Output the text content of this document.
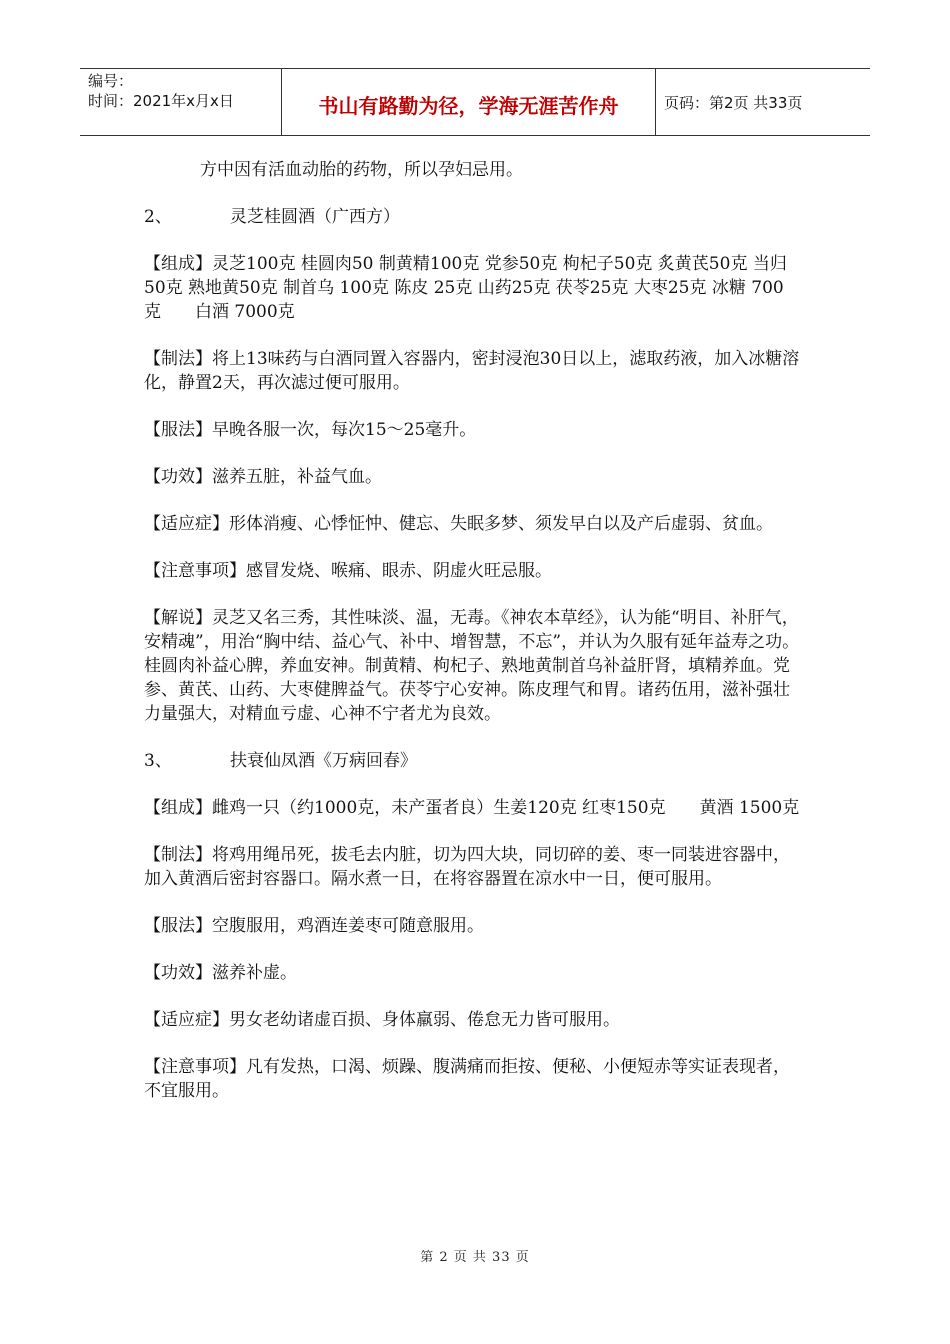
编号：
时间：2021年x月x日	书山有路勤为径，学海无涯苦作舟	页码：第2页 共33页

方中因有活血动胎的药物，所以孕妇忌用。

2、	灵芝桂圆酒（广西方）

【组成】灵芝100克 桂圆肉50 制黄精100克 党参50克 枸杞子50克 炙黄芪50克 当归50克 熟地黄50克 制首乌 100克 陈皮 25克 山药25克 茯苓25克 大枣25克 冰糖 700克　　白酒 7000克

【制法】将上13味药与白酒同置入容器内，密封浸泡30日以上，滤取药液，加入冰糖溶化，静置2天，再次滤过便可服用。

【服法】早晚各服一次，每次15～25毫升。

【功效】滋养五脏，补益气血。

【适应症】形体消瘦、心悸怔忡、健忘、失眠多梦、须发早白以及产后虚弱、贫血。

【注意事项】感冒发烧、喉痛、眼赤、阴虚火旺忌服。

【解说】灵芝又名三秀，其性味淡、温，无毒。《神农本草经》，认为能“明目、补肝气，安精魂”，用治“胸中结、益心气、补中、增智慧，不忘”，并认为久服有延年益寿之功。桂圆肉补益心脾，养血安神。制黄精、枸杞子、熟地黄制首乌补益肝肾，填精养血。党参、黄芪、山药、大枣健脾益气。茯苓宁心安神。陈皮理气和胃。诸药伍用，滋补强壮力量强大，对精血亏虚、心神不宁者尤为良效。

3、	扶衰仙凤酒《万病回春》

【组成】雌鸡一只（约1000克，未产蛋者良）生姜120克 红枣150克　　黄酒 1500克

【制法】将鸡用绳吊死，拔毛去内脏，切为四大块，同切碎的姜、枣一同装进容器中，加入黄酒后密封容器口。隔水煮一日，在将容器置在凉水中一日，便可服用。

【服法】空腹服用，鸡酒连姜枣可随意服用。

【功效】滋养补虚。

【适应症】男女老幼诸虚百损、身体羸弱、倦怠无力皆可服用。

【注意事项】凡有发热，口渴、烦躁、腹满痛而拒按、便秘、小便短赤等实证表现者，不宜服用。

第 2 页 共 33 页
